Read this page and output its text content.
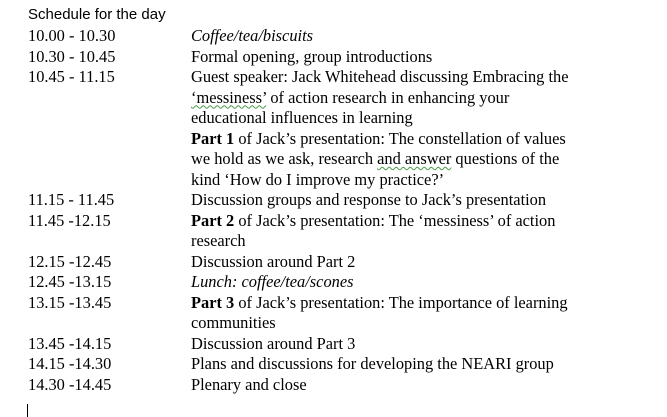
Schedule for the day
10.00 - 10.30	Coffee/tea/biscuits
10.30 - 10.45	Formal opening, group introductions
10.45 - 11.15	Guest speaker: Jack Whitehead discussing Embracing the
‘messiness’ of action research in enhancing your
educational influences in learning
Part 1 of Jack’s presentation: The constellation of values
we hold as we ask, research and answer questions of the
kind ‘How do I improve my practice?’
11.15 - 11.45	Discussion groups and response to Jack’s presentation
11.45 -12.15	Part 2 of Jack’s presentation: The ‘messiness’ of action
research
12.15 -12.45	Discussion around Part 2
12.45 -13.15	Lunch: coffee/tea/scones
13.15 -13.45	Part 3 of Jack’s presentation: The importance of learning
communities
13.45 -14.15	Discussion around Part 3
14.15 -14.30	Plans and discussions for developing the NEARI group
14.30 -14.45	Plenary and close
